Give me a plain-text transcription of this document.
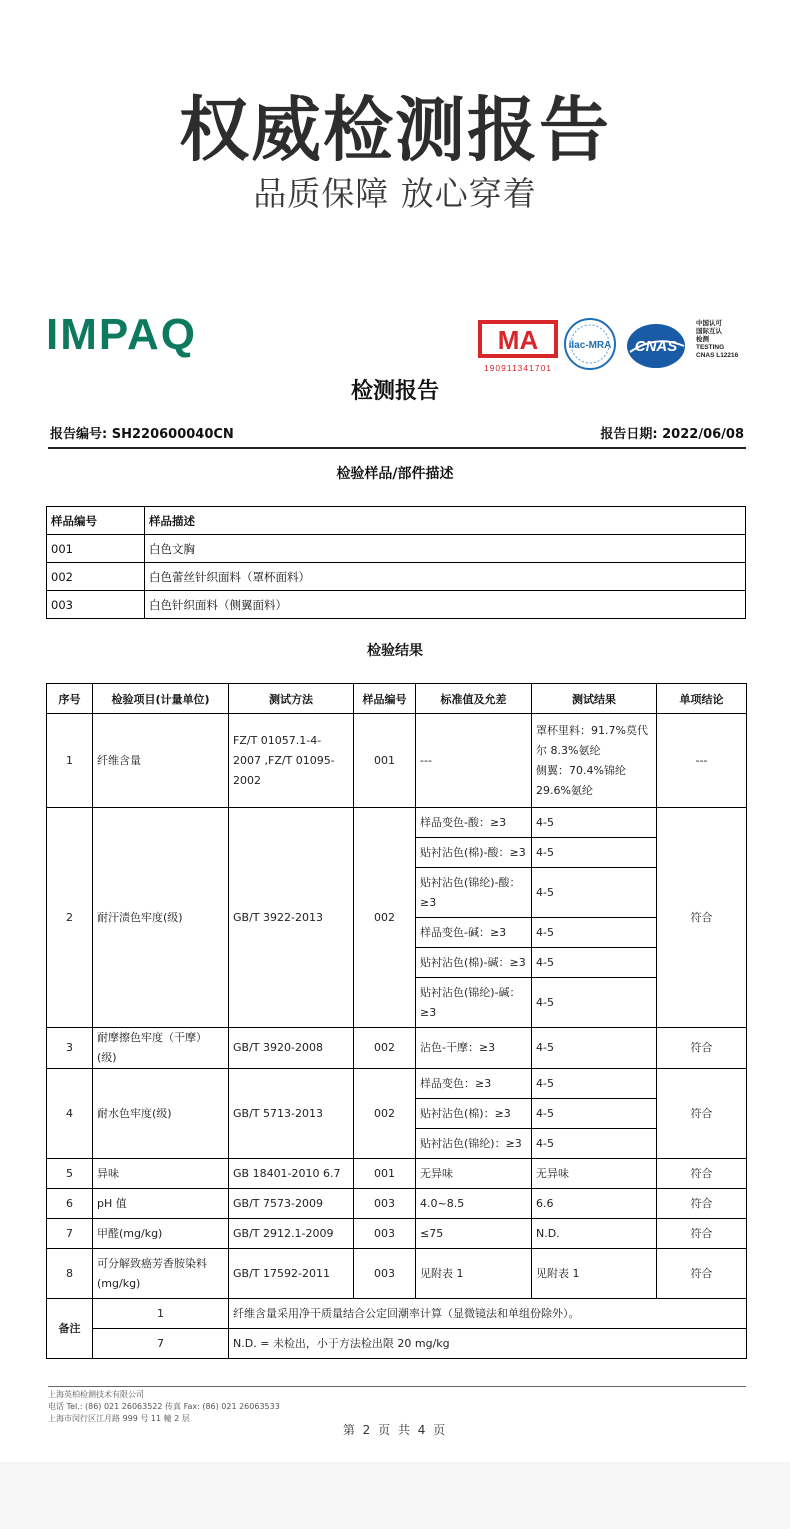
权威检测报告
品质保障 放心穿着
IMPAQ	MA
190911341701
ilac-MRA CNAS
中国认可
国际互认
检测
TESTING
CNAS L12216
检测报告
报告编号: SH220600040CN	报告日期: 2022/06/08
检验样品/部件描述
样品编号	样品描述
001	白色文胸
002	白色蕾丝针织面料（罩杯面料）
003	白色针织面料（侧翼面料）
检验结果
序号	检验项目(计量单位)	测试方法	样品编号	标准值及允差	测试结果	单项结论
1	纤维含量	FZ/T 01057.1-4-2007 ,FZ/T 01095-2002	001	---	罩杯里料：91.7%莫代尔 8.3%氨纶
侧翼：70.4%锦纶 29.6%氨纶	---
2	耐汗渍色牢度(级)	GB/T 3922-2013	002	样品变色-酸：≥3	4-5	符合
				贴衬沾色(棉)-酸：≥3	4-5	
				贴衬沾色(锦纶)-酸：≥3	4-5	
				样品变色-碱：≥3	4-5	
				贴衬沾色(棉)-碱：≥3	4-5	
				贴衬沾色(锦纶)-碱：≥3	4-5	
3	耐摩擦色牢度（干摩）(级)	GB/T 3920-2008	002	沾色-干摩：≥3	4-5	符合
4	耐水色牢度(级)	GB/T 5713-2013	002	样品变色：≥3	4-5	符合
				贴衬沾色(棉)：≥3	4-5	
				贴衬沾色(锦纶)：≥3	4-5	
5	异味	GB 18401-2010 6.7	001	无异味	无异味	符合
6	pH 值	GB/T 7573-2009	003	4.0~8.5	6.6	符合
7	甲醛(mg/kg)	GB/T 2912.1-2009	003	≤75	N.D.	符合
8	可分解致癌芳香胺染料(mg/kg)	GB/T 17592-2011	003	见附表 1	见附表 1	符合
备注	1	纤维含量采用净干质量结合公定回潮率计算（显微镜法和单组份除外）。				
	7	N.D. = 未检出，小于方法检出限 20 mg/kg				
上海英柏检测技术有限公司
电话 Tel.: (86) 021 26063522 传真 Fax: (86) 021 26063533
上海市闵行区江月路 999 号 11 幢 2 层
第 2 页 共 4 页
